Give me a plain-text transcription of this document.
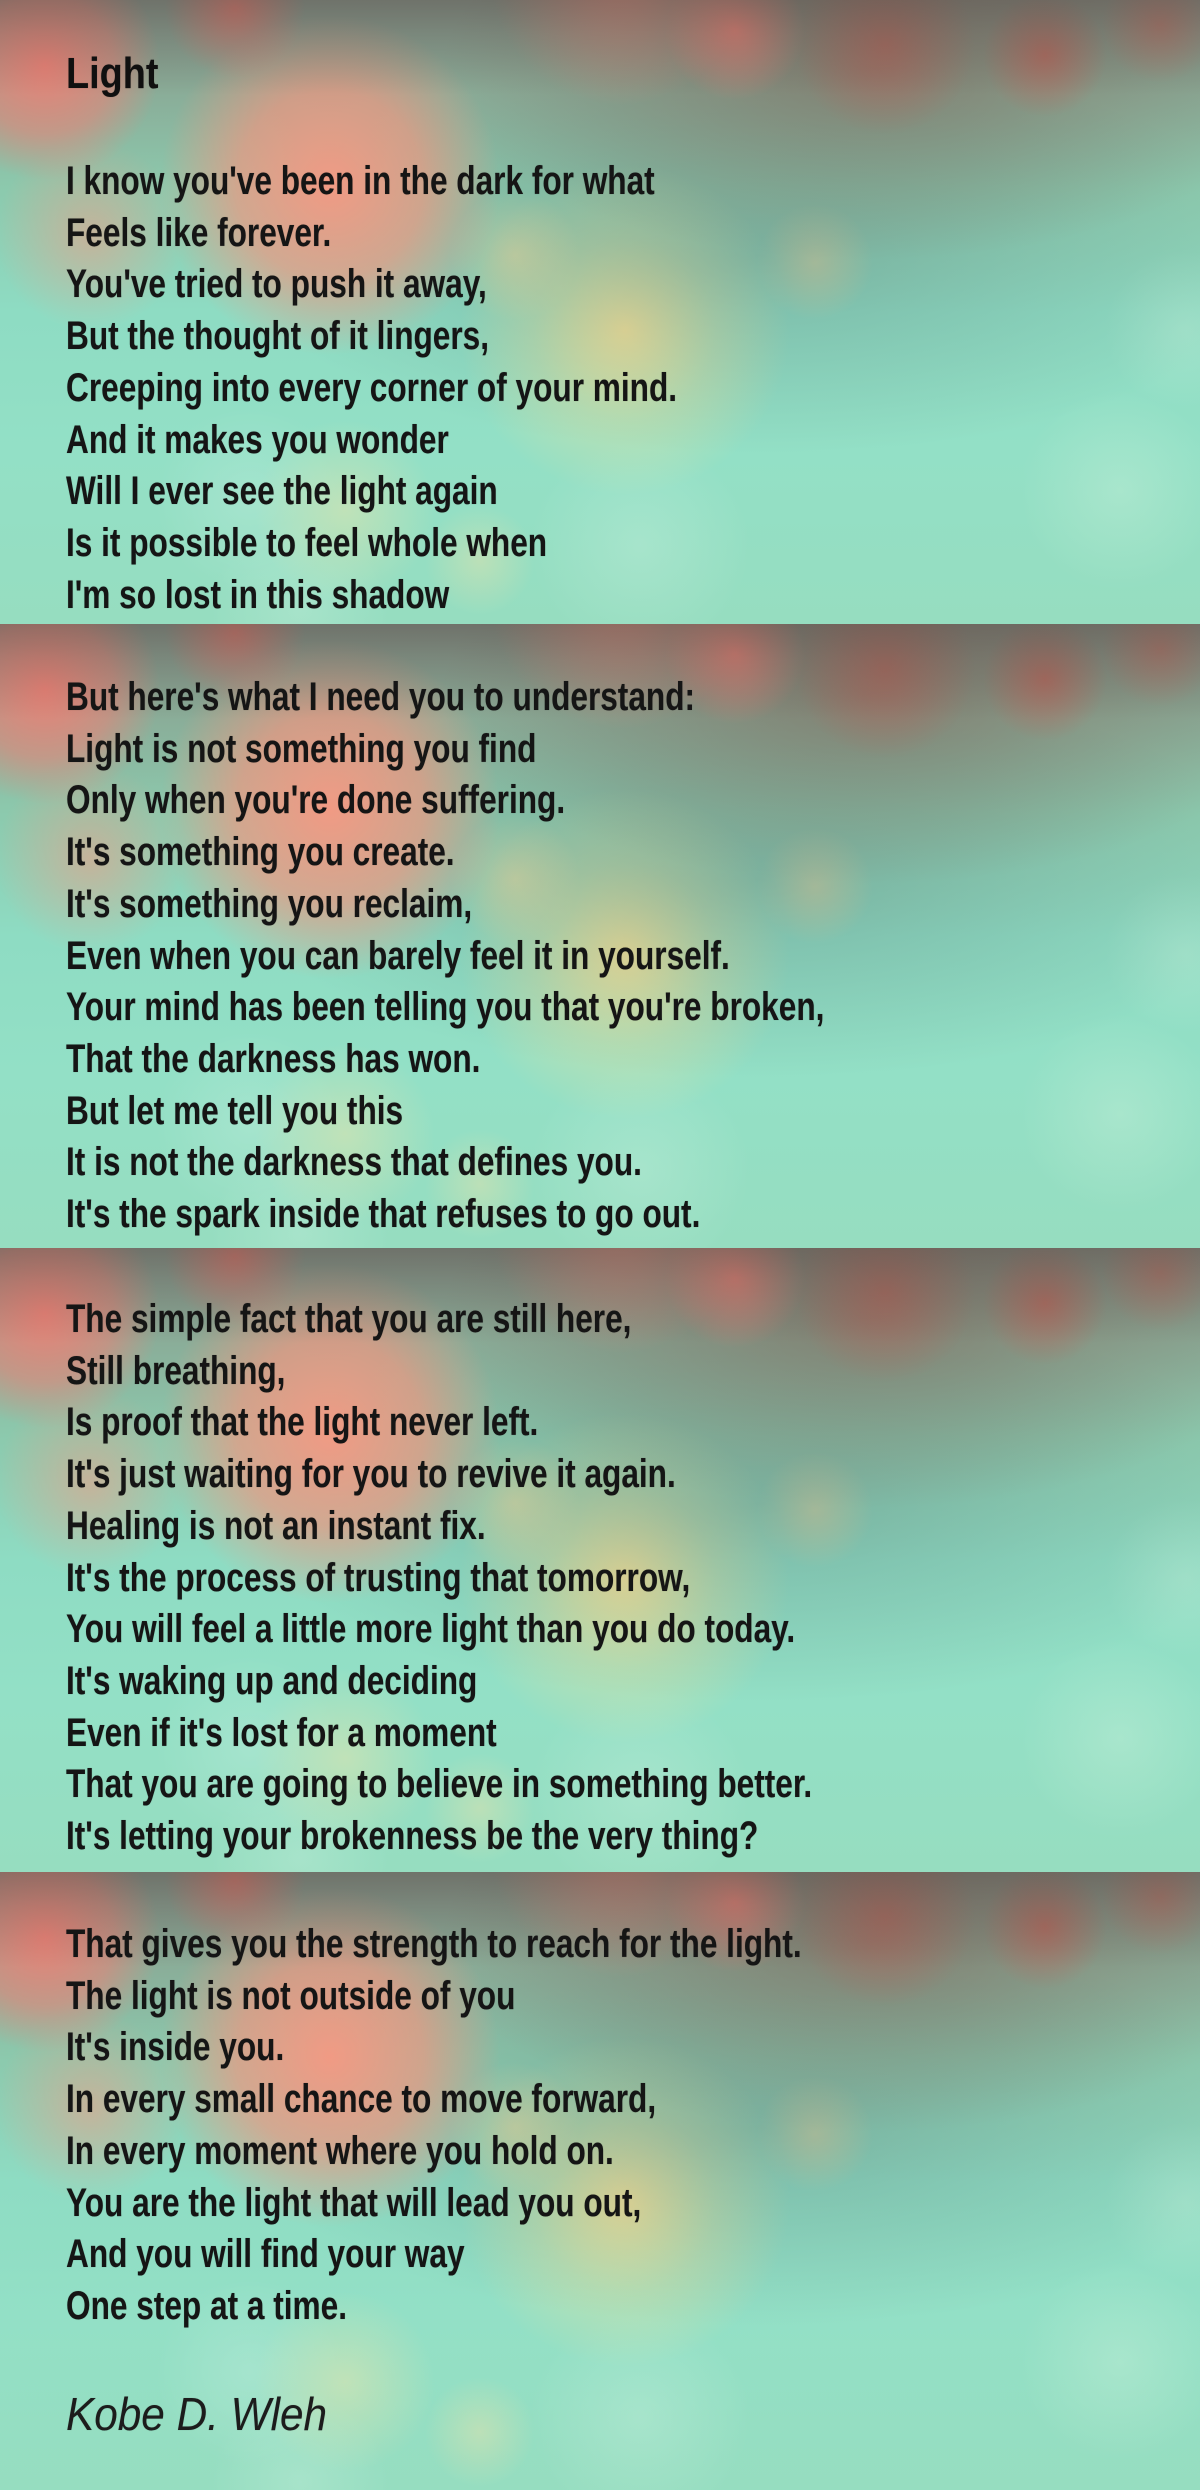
Light
I know you've been in the dark for what
Feels like forever.
You've tried to push it away,
But the thought of it lingers,
Creeping into every corner of your mind.
And it makes you wonder
Will I ever see the light again
Is it possible to feel whole when
I'm so lost in this shadow
But here's what I need you to understand:
Light is not something you find
Only when you're done suffering.
It's something you create.
It's something you reclaim,
Even when you can barely feel it in yourself.
Your mind has been telling you that you're broken,
That the darkness has won.
But let me tell you this
It is not the darkness that defines you.
It's the spark inside that refuses to go out.
The simple fact that you are still here,
Still breathing,
Is proof that the light never left.
It's just waiting for you to revive it again.
Healing is not an instant fix.
It's the process of trusting that tomorrow,
You will feel a little more light than you do today.
It's waking up and deciding
Even if it's lost for a moment
That you are going to believe in something better.
It's letting your brokenness be the very thing?
That gives you the strength to reach for the light.
The light is not outside of you
It's inside you.
In every small chance to move forward,
In every moment where you hold on.
You are the light that will lead you out,
And you will find your way
One step at a time.

Kobe D. Wleh
